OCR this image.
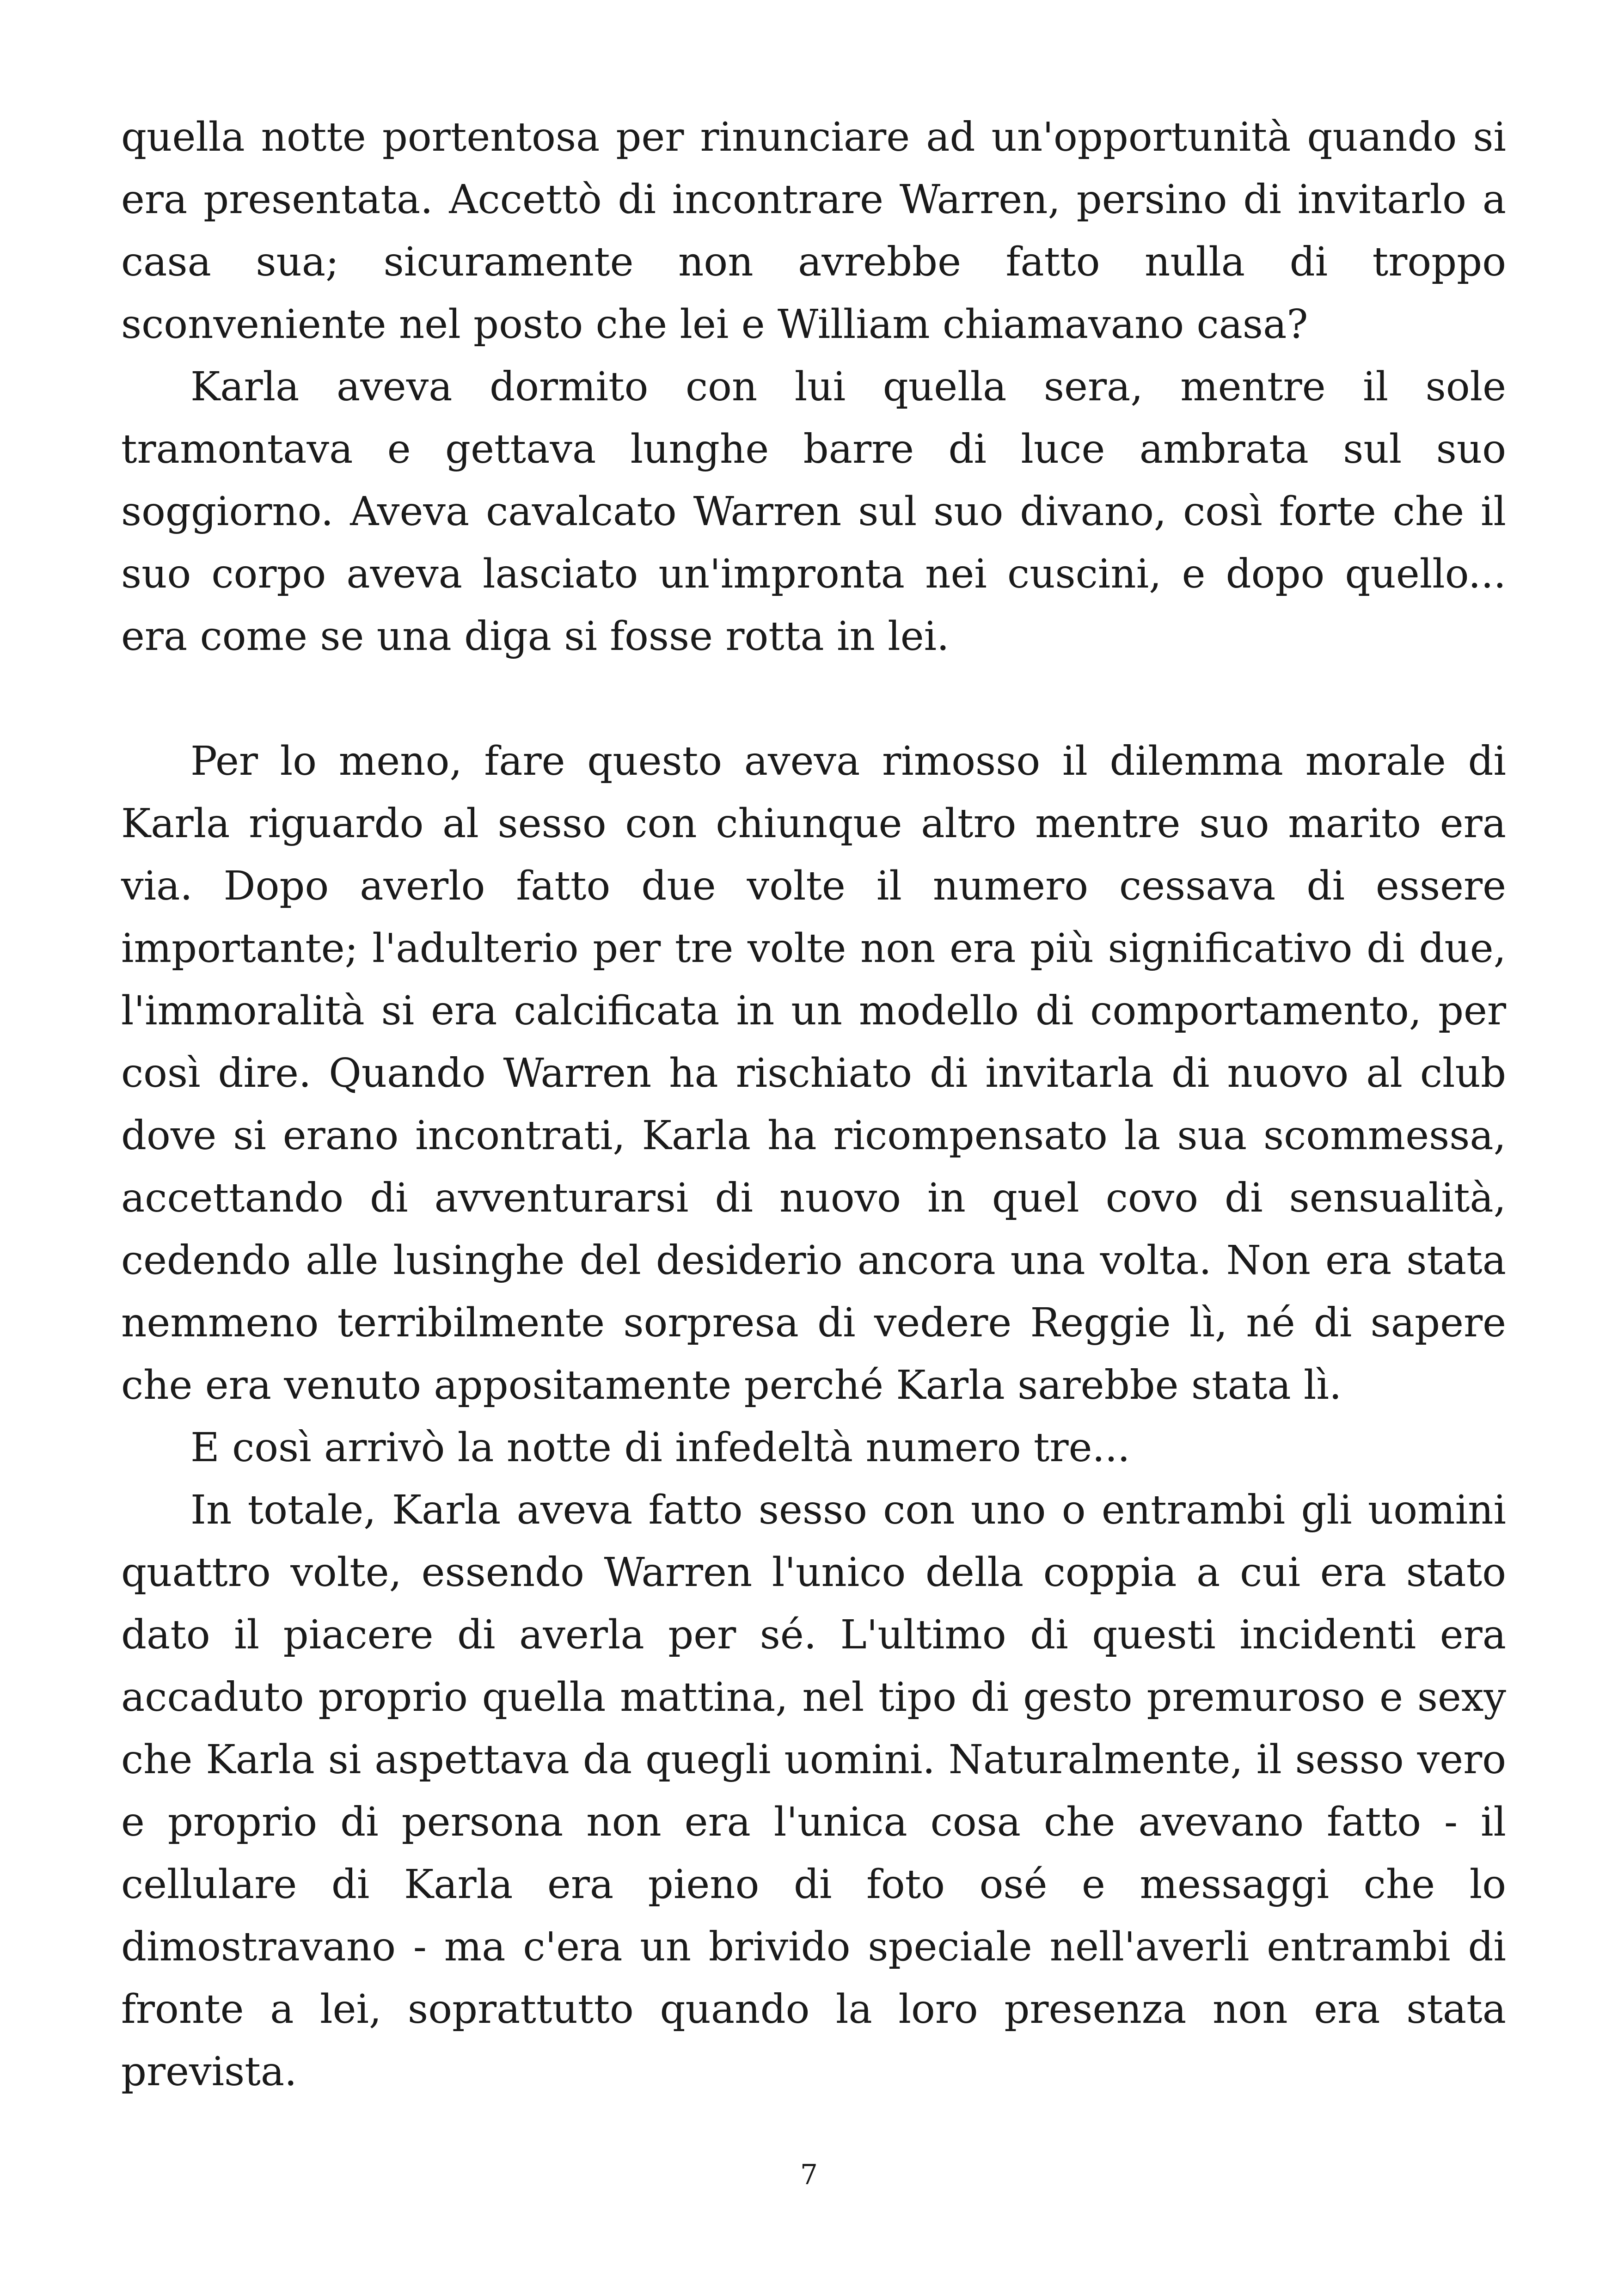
quella notte portentosa per rinunciare ad un'opportunità quando si era presentata. Accettò di incontrare Warren, persino di invitarlo a casa sua; sicuramente non avrebbe fatto nulla di troppo sconveniente nel posto che lei e William chiamavano casa?

Karla aveva dormito con lui quella sera, mentre il sole tramontava e gettava lunghe barre di luce ambrata sul suo soggiorno. Aveva cavalcato Warren sul suo divano, così forte che il suo corpo aveva lasciato un'impronta nei cuscini, e dopo quello... era come se una diga si fosse rotta in lei.

Per lo meno, fare questo aveva rimosso il dilemma morale di Karla riguardo al sesso con chiunque altro mentre suo marito era via. Dopo averlo fatto due volte il numero cessava di essere importante; l'adulterio per tre volte non era più significativo di due, l'immoralità si era calcificata in un modello di comportamento, per così dire. Quando Warren ha rischiato di invitarla di nuovo al club dove si erano incontrati, Karla ha ricompensato la sua scommessa, accettando di avventurarsi di nuovo in quel covo di sensualità, cedendo alle lusinghe del desiderio ancora una volta. Non era stata nemmeno terribilmente sorpresa di vedere Reggie lì, né di sapere che era venuto appositamente perché Karla sarebbe stata lì.

E così arrivò la notte di infedeltà numero tre...

In totale, Karla aveva fatto sesso con uno o entrambi gli uomini quattro volte, essendo Warren l'unico della coppia a cui era stato dato il piacere di averla per sé. L'ultimo di questi incidenti era accaduto proprio quella mattina, nel tipo di gesto premuroso e sexy che Karla si aspettava da quegli uomini. Naturalmente, il sesso vero e proprio di persona non era l'unica cosa che avevano fatto - il cellulare di Karla era pieno di foto osé e messaggi che lo dimostravano - ma c'era un brivido speciale nell'averli entrambi di fronte a lei, soprattutto quando la loro presenza non era stata prevista.

7
